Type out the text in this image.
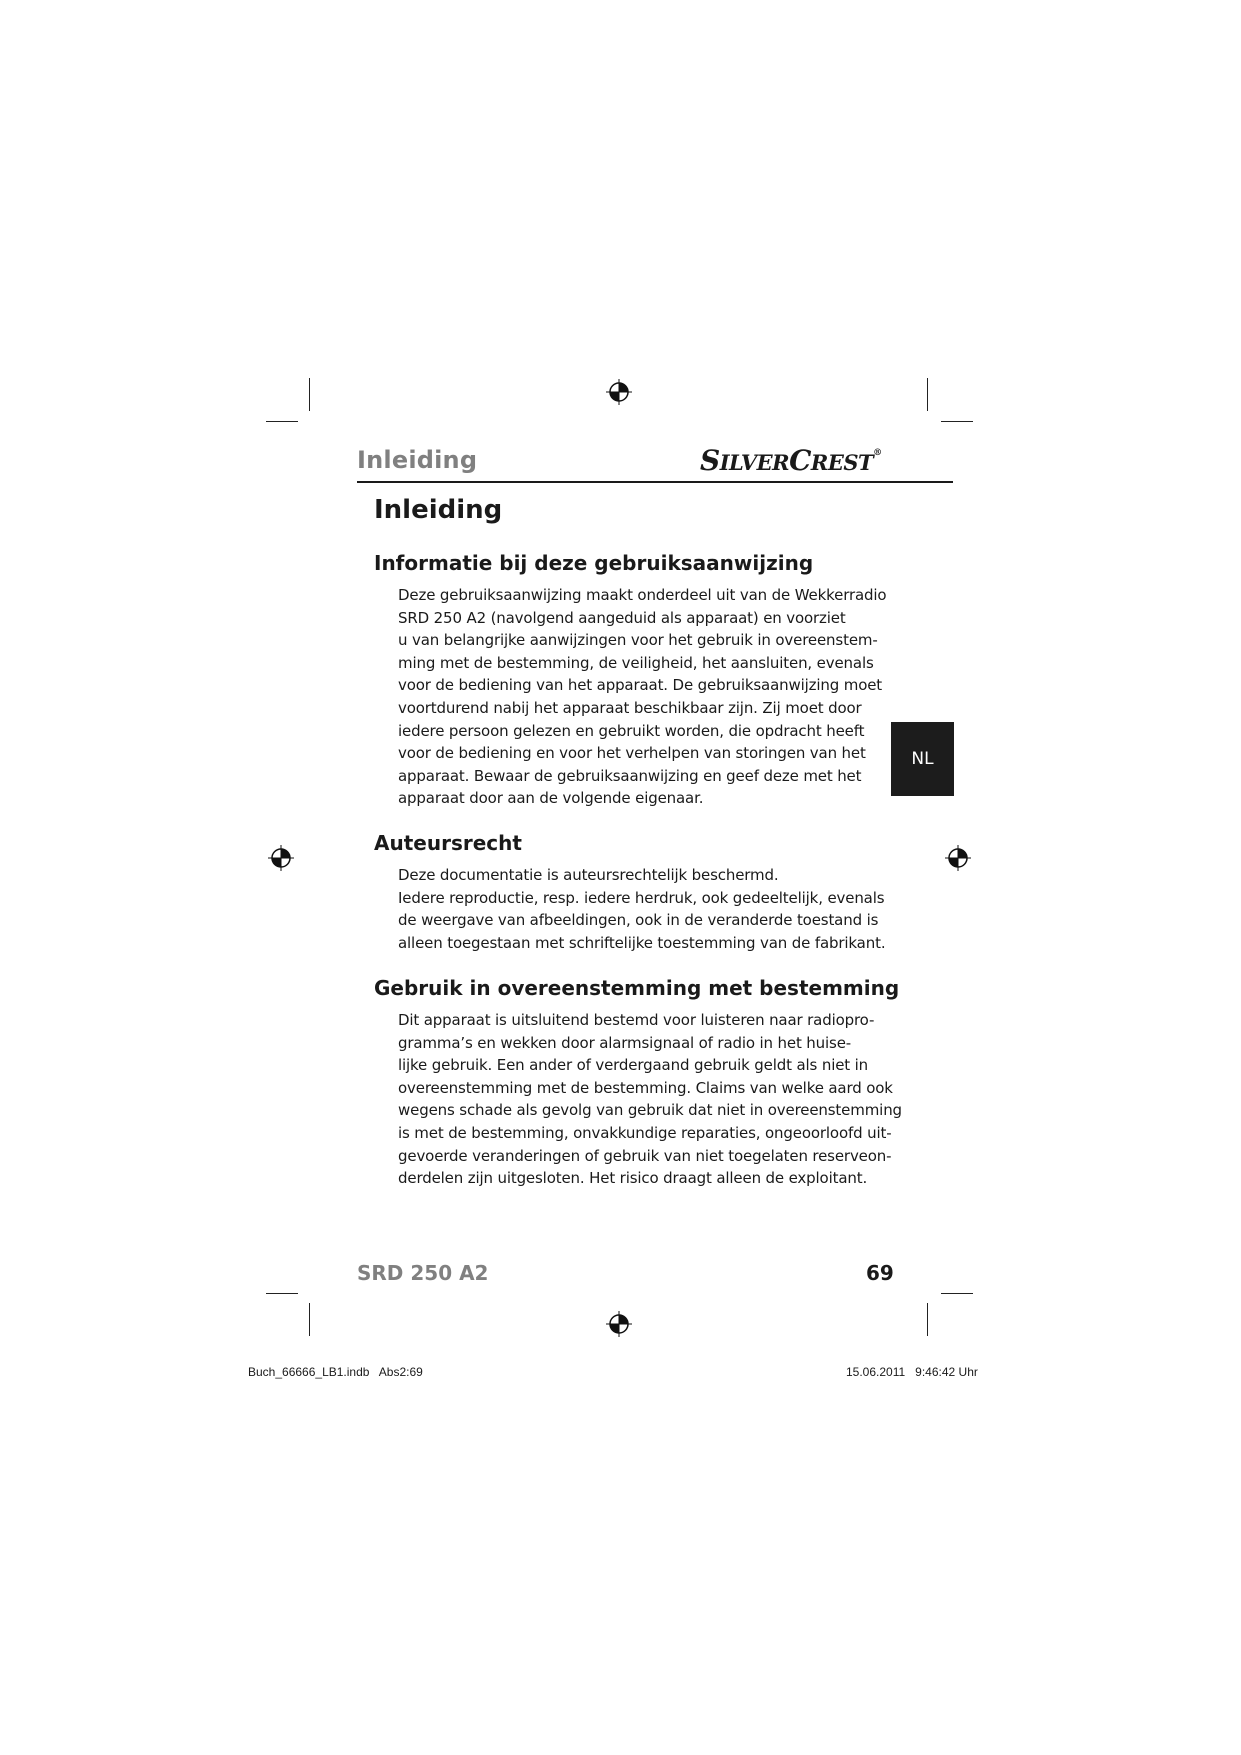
Inleiding	SILVERCREST®
Inleiding
Informatie bij deze gebruiksaanwijzing
Deze gebruiksaanwijzing maakt onderdeel uit van de Wekkerradio
SRD 250 A2 (navolgend aangeduid als apparaat) en voorziet
u van belangrijke aanwijzingen voor het gebruik in overeenstem-
ming met de bestemming, de veiligheid, het aansluiten, evenals
voor de bediening van het apparaat. De gebruiksaanwijzing moet
voortdurend nabij het apparaat beschikbaar zijn. Zij moet door
iedere persoon gelezen en gebruikt worden, die opdracht heeft
voor de bediening en voor het verhelpen van storingen van het
apparaat. Bewaar de gebruiksaanwijzing en geef deze met het
apparaat door aan de volgende eigenaar.
Auteursrecht
Deze documentatie is auteursrechtelijk beschermd.
Iedere reproductie, resp. iedere herdruk, ook gedeeltelijk, evenals
de weergave van afbeeldingen, ook in de veranderde toestand is
alleen toegestaan met schriftelijke toestemming van de fabrikant.
Gebruik in overeenstemming met bestemming
Dit apparaat is uitsluitend bestemd voor luisteren naar radiopro-
gramma’s en wekken door alarmsignaal of radio in het huise-
lijke gebruik. Een ander of verdergaand gebruik geldt als niet in
overeenstemming met de bestemming. Claims van welke aard ook
wegens schade als gevolg van gebruik dat niet in overeenstemming
is met de bestemming, onvakkundige reparaties, ongeoorloofd uit-
gevoerde veranderingen of gebruik van niet toegelaten reserveon-
derdelen zijn uitgesloten. Het risico draagt alleen de exploitant.
NL
SRD 250 A2	69
Buch_66666_LB1.indb   Abs2:69	15.06.2011   9:46:42 Uhr
